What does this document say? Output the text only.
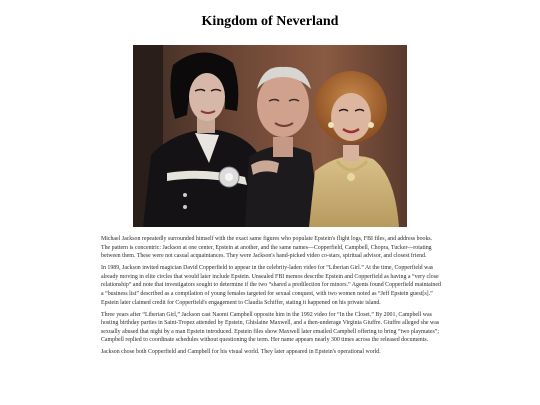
Kingdom of Neverland

Michael Jackson repeatedly surrounded himself with the exact same figures who populate Epstein's flight logs, FBI files, and address books. The pattern is concentric: Jackson at one center, Epstein at another, and the same names—Copperfield, Campbell, Chopra, Tucker—rotating between them. These were not casual acquaintances. They were Jackson's hand-picked video co-stars, spiritual advisor, and closest friend.

In 1989, Jackson invited magician David Copperfield to appear in the celebrity-laden video for “Liberian Girl.” At the time, Copperfield was already moving in elite circles that would later include Epstein. Unsealed FBI memos describe Epstein and Copperfield as having a “very close relationship” and note that investigators sought to determine if the two “shared a predilection for minors.” Agents found Copperfield maintained a “business list” described as a compilation of young females targeted for sexual conquest, with two women noted as “Jeff Epstein guest[s].” Epstein later claimed credit for Copperfield's engagement to Claudia Schiffer, stating it happened on his private island.

Three years after “Liberian Girl,” Jackson cast Naomi Campbell opposite him in the 1992 video for “In the Closet.” By 2001, Campbell was hosting birthday parties in Saint-Tropez attended by Epstein, Ghislaine Maxwell, and a then-underage Virginia Giuffre. Giuffre alleged she was sexually abused that night by a man Epstein introduced. Epstein files show Maxwell later emailed Campbell offering to bring “two playmates”; Campbell replied to coordinate schedules without questioning the term. Her name appears nearly 300 times across the released documents.

Jackson chose both Copperfield and Campbell for his visual world. They later appeared in Epstein's operational world.
